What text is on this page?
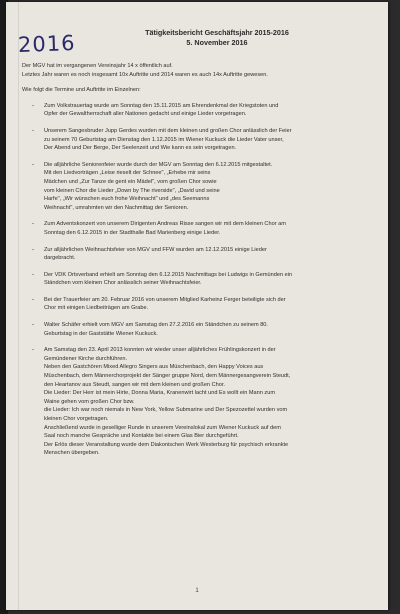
2016	Tätigkeitsbericht Geschäftsjahr 2015-2016
5. November 2016

Der MGV hat im vergangenen Vereinsjahr 14 x öffentlich auf.

Letztes Jahr waren es noch insgesamt 10x Auftritte und 2014 waren es auch 14x Auftritte gewesen.

Wie folgt die Termine und Auftritte im Einzelnen:

-	Zum Volkstrauertag wurde am Sonntag den 15.11.2015 am Ehrendenkmal der Kriegstoten und
Opfer der Gewaltherrschaft aller Nationen gedacht und einige Lieder vorgetragen.
-	Unserem Sangesbruder Jupp Gerdes wurden mit dem kleinen und großen Chor anlässlich der Feier
zu seinem 70 Geburtstag am Dienstag den 1.12.2015 im Wiener Kuckuck die Lieder Vater unser,
Der Abend und Der Berge, Der Seelenzeit und Wie kann es sein vorgetragen.
-	Die alljährliche Seniorenfeier wurde durch der MGV am Sonntag den 6.12.2015 mitgestaltet.
Mit den Liedvorträgen „Leise rieselt der Schnee", „Erhebe mir seins
Mädchen und „Zur Tanze de gent ein Mädel", vom großen Chor sowie
vom kleinen Chor die Lieder „Down by The riverside", „David und seine
Harfe", „Wir wünschen euch frohe Weihnacht" und „des Seemanns
Weihnacht", umrahmten wir den Nachmittag der Senioren.
-	Zum Adventskonzert von unserem Dirigenten Andreas Risse sangen wir mit dem kleinen Chor am
Sonntag den 6.12.2015 in der Stadthalle Bad Marienberg einige Lieder.
-	Zur alljährlichen Weihnachtsfeier von MGV und FFW wurden am 12.12.2015 einige Lieder
dargebracht.
-	Der VDK Ortsverband erhielt am Sonntag den 6.12.2015 Nachmittags bei Ludwigs in Gemünden ein
Ständchen vom kleinen Chor anlässlich seiner Weihnachtsfeier.
-	Bei der Trauerfeier am 20. Februar 2016 von unserem Mitglied Karheinz Ferger beteiligte sich der
Chor mit einigen Liedbeiträgen am Grabe.
-	Walter Schäfer erhielt vom MGV am Samstag den 27.2.2016 ein Ständchen zu seinem 80.
Geburtstag in der Gaststätte Wiener Kuckuck.
-	Am Samstag den 23. April 2013 konnten wir wieder unser alljährliches Frühlingskonzert in der
Gemündener Kirche durchführen.
Neben den Gastchören Mixed Allegro Singers aus Müschenbach, den Happy Voices aus
Müschenbach, dem Männerchorprojekt der Sänger gruppe Nord, dem Männergesangverein Steudt,
den Heartanov aus Steudt, sangen wir mit dem kleinen und großen Chor.
Die Lieder: Der Herr ist mein Hirte, Donna Maria, Kranenwirt lacht und Es wollt ein Mann zum
Waine gehen vom großen Chor bzw.
die Lieder: Ich war noch niemals in New York, Yellow Submarine und Der Spezozettel wurden vom
kleinen Chor vorgetragen.
Anschließend wurde in geselliger Runde in unserem Vereinslokal zum Wiener Kuckuck auf dem
Saal noch manche Gespräche und Kontakte bei einem Glas Bier durchgeführt.
Der Erlös dieser Veranstaltung wurde dem Diakonischen Werk Westerburg für psychisch erkrankte
Menschen übergeben.
1
